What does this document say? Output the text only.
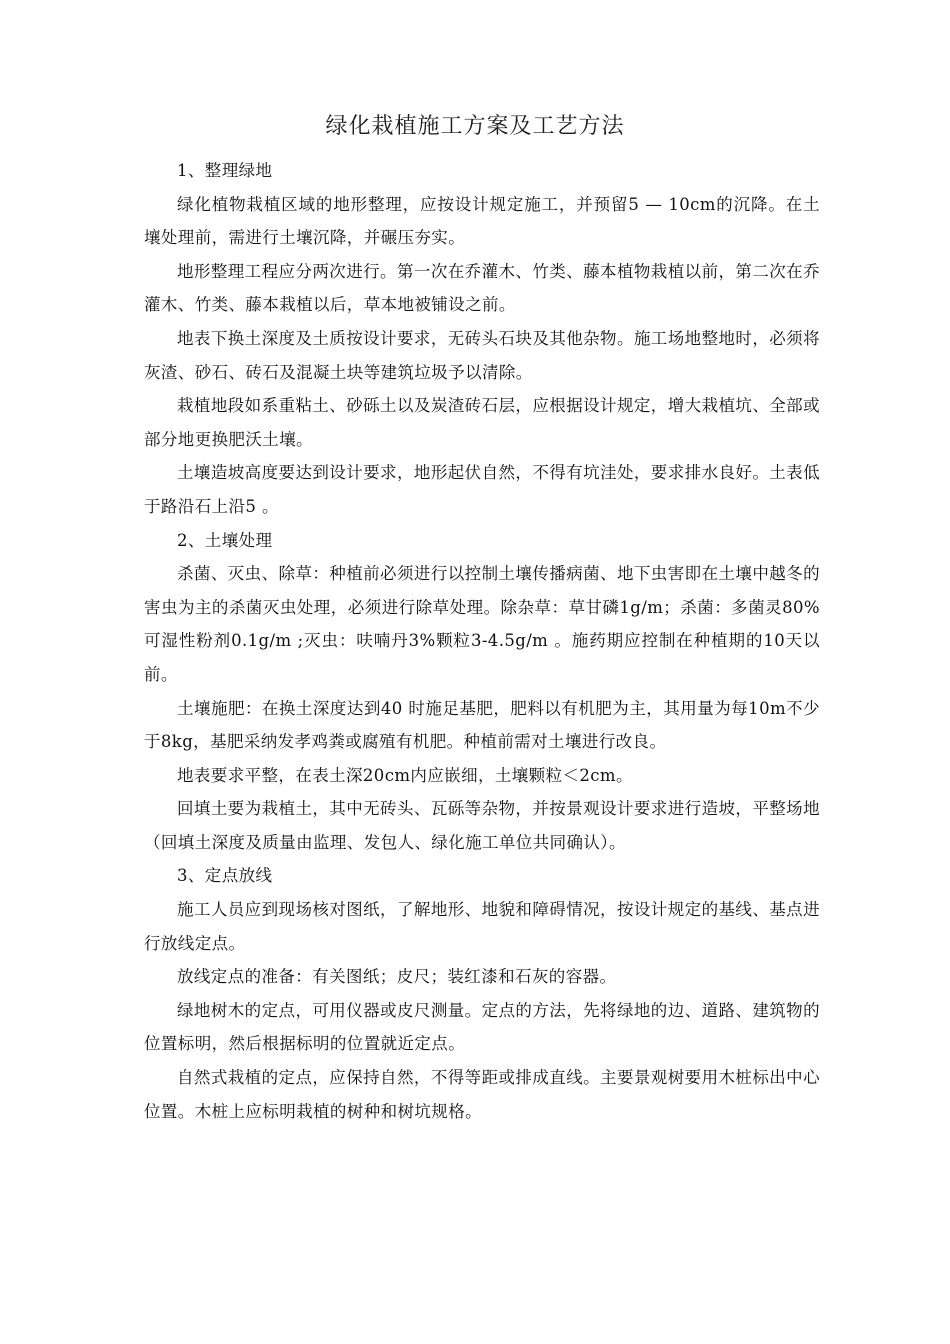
绿化栽植施工方案及工艺方法

1、整理绿地

绿化植物栽植区域的地形整理，应按设计规定施工，并预留5 — 10cm的沉降。在土壤处理前，需进行土壤沉降，并碾压夯实。

地形整理工程应分两次进行。第一次在乔灌木、竹类、藤本植物栽植以前，第二次在乔灌木、竹类、藤本栽植以后，草本地被铺设之前。

地表下换土深度及土质按设计要求，无砖头石块及其他杂物。施工场地整地时，必须将灰渣、砂石、砖石及混凝土块等建筑垃圾予以清除。

栽植地段如系重粘土、砂砾土以及炭渣砖石层，应根据设计规定，增大栽植坑、全部或部分地更换肥沃土壤。

土壤造坡高度要达到设计要求，地形起伏自然，不得有坑洼处，要求排水良好。土表低于路沿石上沿5 。

2、土壤处理

杀菌、灭虫、除草：种植前必须进行以控制土壤传播病菌、地下虫害即在土壤中越冬的害虫为主的杀菌灭虫处理，必须进行除草处理。除杂草：草甘磷1g/m；杀菌：多菌灵80%可湿性粉剂0.1g/m ;灭虫：呋喃丹3%颗粒3-4.5g/m 。施药期应控制在种植期的10天以前。

土壤施肥：在换土深度达到40 时施足基肥，肥料以有机肥为主，其用量为每10m不少于8kg，基肥采纳发孝鸡粪或腐殖有机肥。种植前需对土壤进行改良。

地表要求平整，在表土深20cm内应嵌细，土壤颗粒＜2cm。

回填土要为栽植土，其中无砖头、瓦砾等杂物，并按景观设计要求进行造坡，平整场地（回填土深度及质量由监理、发包人、绿化施工单位共同确认）。

3、定点放线

施工人员应到现场核对图纸，了解地形、地貌和障碍情况，按设计规定的基线、基点进行放线定点。

放线定点的准备：有关图纸；皮尺；装红漆和石灰的容器。

绿地树木的定点，可用仪器或皮尺测量。定点的方法，先将绿地的边、道路、建筑物的位置标明，然后根据标明的位置就近定点。

自然式栽植的定点，应保持自然，不得等距或排成直线。主要景观树要用木桩标出中心位置。木桩上应标明栽植的树种和树坑规格。
